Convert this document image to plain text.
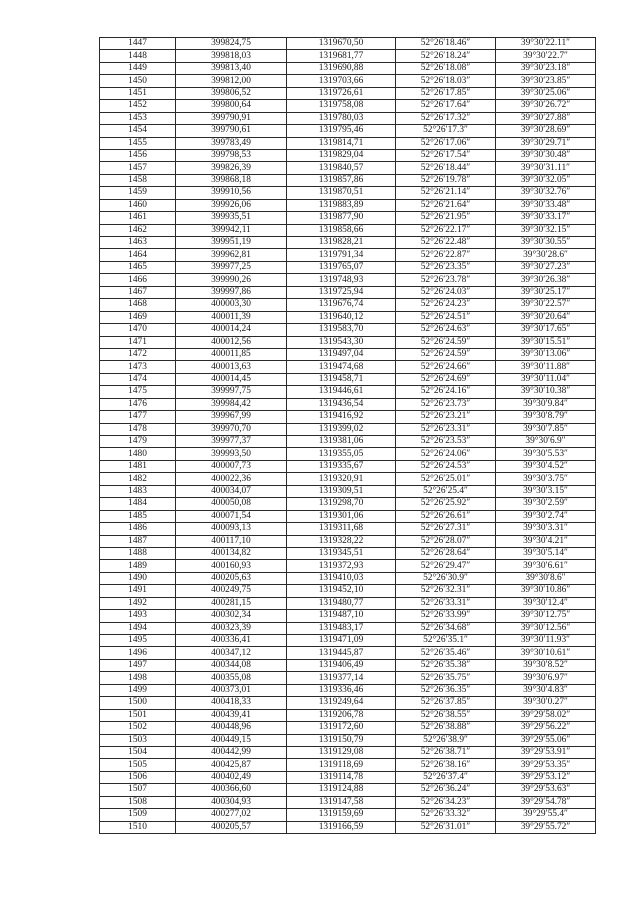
1447	399824,75	1319670,50	52°26′18.46″	39°30′22.11″
1448	399818,03	1319681,77	52°26′18.24″	39°30′22.7″
1449	399813,40	1319690,88	52°26′18.08″	39°30′23.18″
1450	399812,00	1319703,66	52°26′18.03″	39°30′23.85″
1451	399806,52	1319726,61	52°26′17.85″	39°30′25.06″
1452	399800,64	1319758,08	52°26′17.64″	39°30′26.72″
1453	399790,91	1319780,03	52°26′17.32″	39°30′27.88″
1454	399790,61	1319795,46	52°26′17.3″	39°30′28.69″
1455	399783,49	1319814,71	52°26′17.06″	39°30′29.71″
1456	399798,53	1319829,04	52°26′17.54″	39°30′30.48″
1457	399826,39	1319840,57	52°26′18.44″	39°30′31.11″
1458	399868,18	1319857,86	52°26′19.78″	39°30′32.05″
1459	399910,56	1319870,51	52°26′21.14″	39°30′32.76″
1460	399926,06	1319883,89	52°26′21.64″	39°30′33.48″
1461	399935,51	1319877,90	52°26′21.95″	39°30′33.17″
1462	399942,11	1319858,66	52°26′22.17″	39°30′32.15″
1463	399951,19	1319828,21	52°26′22.48″	39°30′30.55″
1464	399962,81	1319791,34	52°26′22.87″	39°30′28.6″
1465	399977,25	1319765,07	52°26′23.35″	39°30′27.23″
1466	399990,26	1319748,93	52°26′23.78″	39°30′26.38″
1467	399997,86	1319725,94	52°26′24.03″	39°30′25.17″
1468	400003,30	1319676,74	52°26′24.23″	39°30′22.57″
1469	400011,39	1319640,12	52°26′24.51″	39°30′20.64″
1470	400014,24	1319583,70	52°26′24.63″	39°30′17.65″
1471	400012,56	1319543,30	52°26′24.59″	39°30′15.51″
1472	400011,85	1319497,04	52°26′24.59″	39°30′13.06″
1473	400013,63	1319474,68	52°26′24.66″	39°30′11.88″
1474	400014,45	1319458,71	52°26′24.69″	39°30′11.04″
1475	399997,75	1319446,61	52°26′24.16″	39°30′10.38″
1476	399984,42	1319436,54	52°26′23.73″	39°30′9.84″
1477	399967,99	1319416,92	52°26′23.21″	39°30′8.79″
1478	399970,70	1319399,02	52°26′23.31″	39°30′7.85″
1479	399977,37	1319381,06	52°26′23.53″	39°30′6.9″
1480	399993,50	1319355,05	52°26′24.06″	39°30′5.53″
1481	400007,73	1319335,67	52°26′24.53″	39°30′4.52″
1482	400022,36	1319320,91	52°26′25.01″	39°30′3.75″
1483	400034,07	1319309,51	52°26′25.4″	39°30′3.15″
1484	400050,08	1319298,70	52°26′25.92″	39°30′2.59″
1485	400071,54	1319301,06	52°26′26.61″	39°30′2.74″
1486	400093,13	1319311,68	52°26′27.31″	39°30′3.31″
1487	400117,10	1319328,22	52°26′28.07″	39°30′4.21″
1488	400134,82	1319345,51	52°26′28.64″	39°30′5.14″
1489	400160,93	1319372,93	52°26′29.47″	39°30′6.61″
1490	400205,63	1319410,03	52°26′30.9″	39°30′8.6″
1491	400249,75	1319452,10	52°26′32.31″	39°30′10.86″
1492	400281,15	1319480,77	52°26′33.31″	39°30′12.4″
1493	400302,34	1319487,10	52°26′33.99″	39°30′12.75″
1494	400323,39	1319483,17	52°26′34.68″	39°30′12.56″
1495	400336,41	1319471,09	52°26′35.1″	39°30′11.93″
1496	400347,12	1319445,87	52°26′35.46″	39°30′10.61″
1497	400344,08	1319406,49	52°26′35.38″	39°30′8.52″
1498	400355,08	1319377,14	52°26′35.75″	39°30′6.97″
1499	400373,01	1319336,46	52°26′36.35″	39°30′4.83″
1500	400418,33	1319249,64	52°26′37.85″	39°30′0.27″
1501	400439,41	1319206,78	52°26′38.55″	39°29′58.02″
1502	400448,96	1319172,60	52°26′38.88″	39°29′56.22″
1503	400449,15	1319150,79	52°26′38.9″	39°29′55.06″
1504	400442,99	1319129,08	52°26′38.71″	39°29′53.91″
1505	400425,87	1319118,69	52°26′38.16″	39°29′53.35″
1506	400402,49	1319114,78	52°26′37.4″	39°29′53.12″
1507	400366,60	1319124,88	52°26′36.24″	39°29′53.63″
1508	400304,93	1319147,58	52°26′34.23″	39°29′54.78″
1509	400277,02	1319159,69	52°26′33.32″	39°29′55.4″
1510	400205,57	1319166,59	52°26′31.01″	39°29′55.72″
